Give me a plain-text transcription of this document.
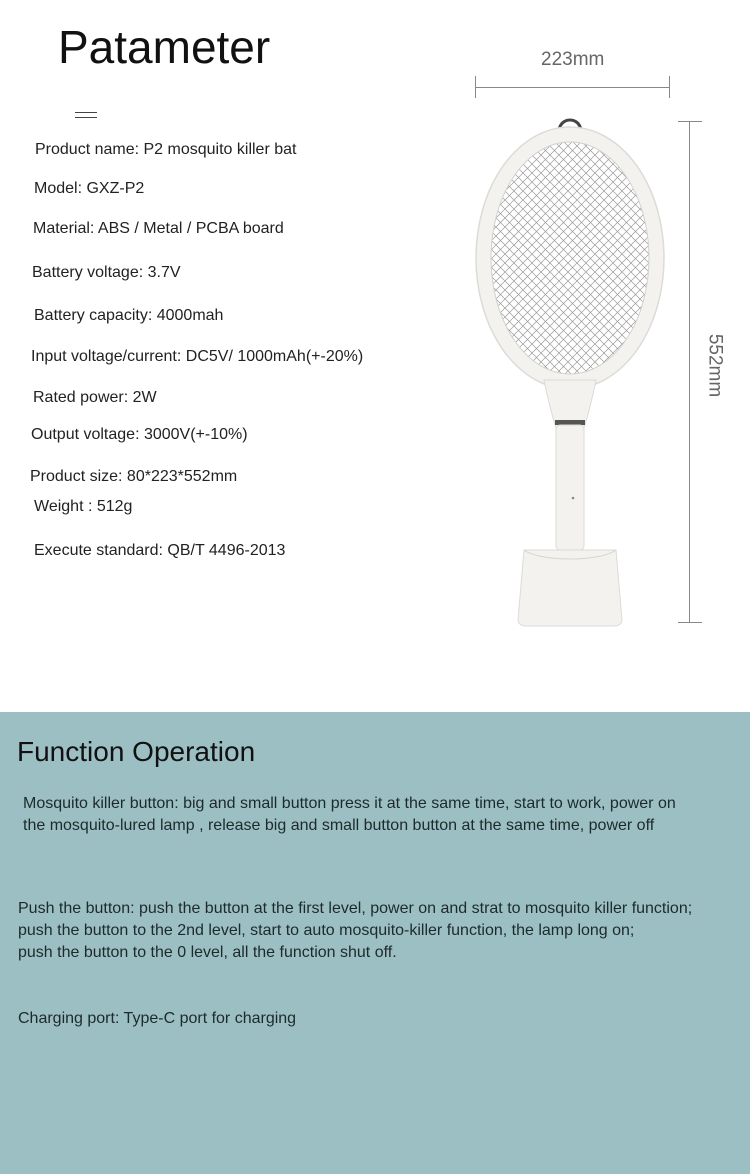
Patameter
Product name: P2 mosquito killer bat
Model: GXZ-P2
Material: ABS / Metal / PCBA board
Battery voltage: 3.7V
Battery capacity: 4000mah
Input voltage/current: DC5V/ 1000mAh(+-20%)
Rated power: 2W
Output voltage: 3000V(+-10%)
Product size: 80*223*552mm
Weight : 512g
Execute standard: QB/T 4496-2013
223mm
552mm
Function Operation
Mosquito killer button: big and small button press it at the same time, start to work, power on
the mosquito-lured lamp , release big and small button button at the same time, power off
Push the button: push the button at the first level, power on and strat to mosquito killer function;
push the button to the 2nd level, start to auto mosquito-killer function, the lamp long on;
push the button to the 0 level, all the function shut off.
Charging port: Type-C port for charging
